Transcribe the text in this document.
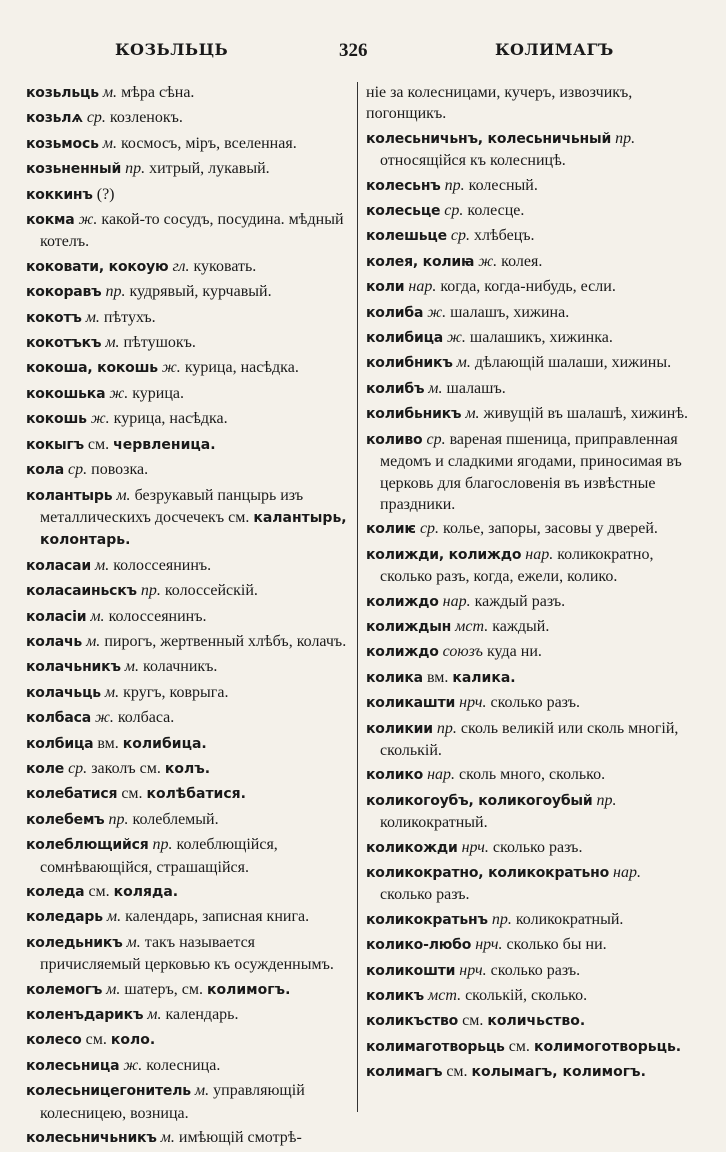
КОЗЬЛЬЦЬ	326	КОЛИМАГЪ
козьльць м. мѣра сѣна.
козьлѧ ср. козленокъ.
козьмось м. космосъ, міръ, вселенная.
козьненный пр. хитрый, лукавый.
коккинъ (?)
кокма ж. какой-то сосудъ, посудина. мѣдный котелъ.
коковати, кокоую гл. куковать.
кокоравъ пр. кудрявый, курчавый.
кокотъ м. пѣтухъ.
кокотъкъ м. пѣтушокъ.
кокоша, кокошь ж. курица, насѣдка.
кокошька ж. курица.
кокошь ж. курица, насѣдка.
кокыгъ см. червленица.
кола ср. повозка.
колантырь м. безрукавый панцырь изъ металлическихъ досчечекъ см. калантырь, колонтарь.
коласаи м. колоссеянинъ.
коласаиньскъ пр. колоссейскій.
коласіи м. колоссеянинъ.
колачь м. пирогъ, жертвенный хлѣбъ, колачъ.
колачьникъ м. колачникъ.
колачьць м. кругъ, коврыга.
колбаса ж. колбаса.
колбица вм. колибица.
коле ср. заколъ см. колъ.
колебатися см. колѣбатися.
колебемъ пр. колеблемый.
колеблющийся пр. колеблющійся, сомнѣвающійся, страшащійся.
коледа см. коляда.
коледарь м. календарь, записная книга.
коледьникъ м. такъ называется причисляемый церковью къ осужденнымъ.
колемогъ м. шатеръ, см. колимогъ.
коленъдарикъ м. календарь.
колесо см. коло.
колесьница ж. колесница.
колесьницегонитель м. управляющій колесницею, возница.
колесьничьникъ м. имѣющій смотрѣ-
ніе за колесницами, кучеръ, извозчикъ, погонщикъ.
колесьничьнъ, колесьничьный пр. относящійся къ колесницѣ.
колесьнъ пр. колесный.
колесьце ср. колесце.
колешьце ср. хлѣбецъ.
колея, колиꙗ ж. колея.
коли нар. когда, когда-нибудь, если.
колиба ж. шалашъ, хижина.
колибица ж. шалашикъ, хижинка.
колибникъ м. дѣлающій шалаши, хижины.
колибъ м. шалашъ.
колибьникъ м. живущій въ шалашѣ, хижинѣ.
коливо ср. вареная пшеница, приправленная медомъ и сладкими ягодами, приносимая въ церковь для благословенія въ извѣстные праздники.
колиѥ ср. колье, запоры, засовы у дверей.
колижди, колиждо нар. коликократно, сколько разъ, когда, ежели, колико.
колиждо нар. каждый разъ.
колиждын мст. каждый.
колиждо союзъ куда ни.
колика вм. калика.
коликашти нрч. сколько разъ.
коликии пр. сколь великій или сколь многій, сколькій.
колико нар. сколь много, сколько.
коликогоубъ, коликогоубый пр. коликократный.
коликожди нрч. сколько разъ.
коликократно, коликократьно нар. сколько разъ.
коликократьнъ пр. коликократный.
колико-любо нрч. сколько бы ни.
коликошти нрч. сколько разъ.
коликъ мст. сколькій, сколько.
коликъство см. количьство.
колимаготворьць см. колимоготворьць.
колимагъ см. колымагъ, колимогъ.
